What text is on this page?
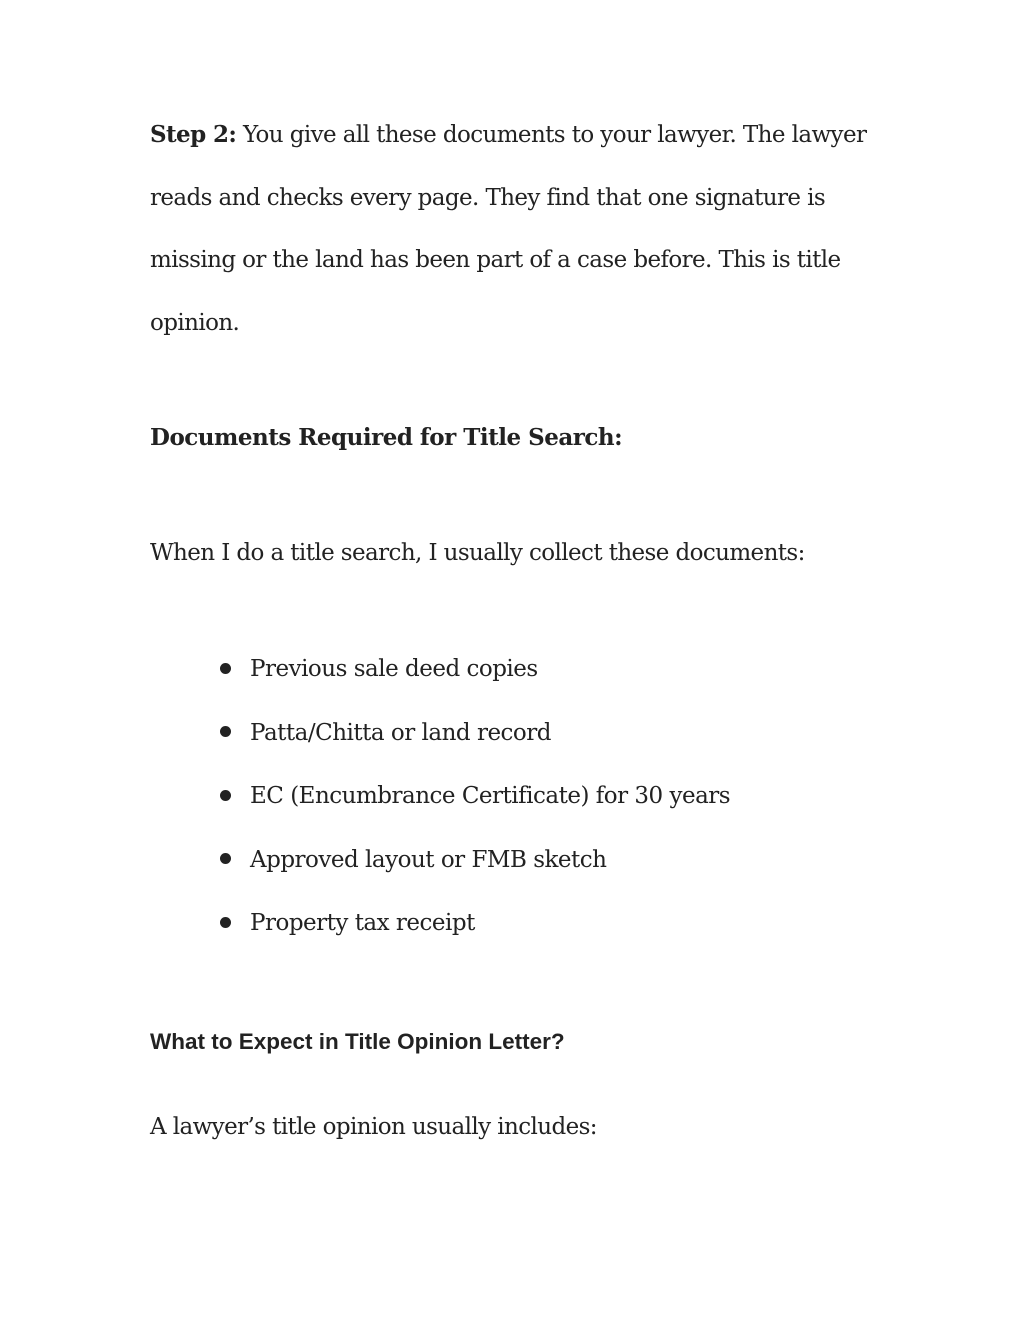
Step 2: You give all these documents to your lawyer. The lawyer reads and checks every page. They find that one signature is missing or the land has been part of a case before. This is title opinion.

Documents Required for Title Search:

When I do a title search, I usually collect these documents:

Previous sale deed copies
Patta/Chitta or land record
EC (Encumbrance Certificate) for 30 years
Approved layout or FMB sketch
Property tax receipt
What to Expect in Title Opinion Letter?

A lawyer’s title opinion usually includes:
